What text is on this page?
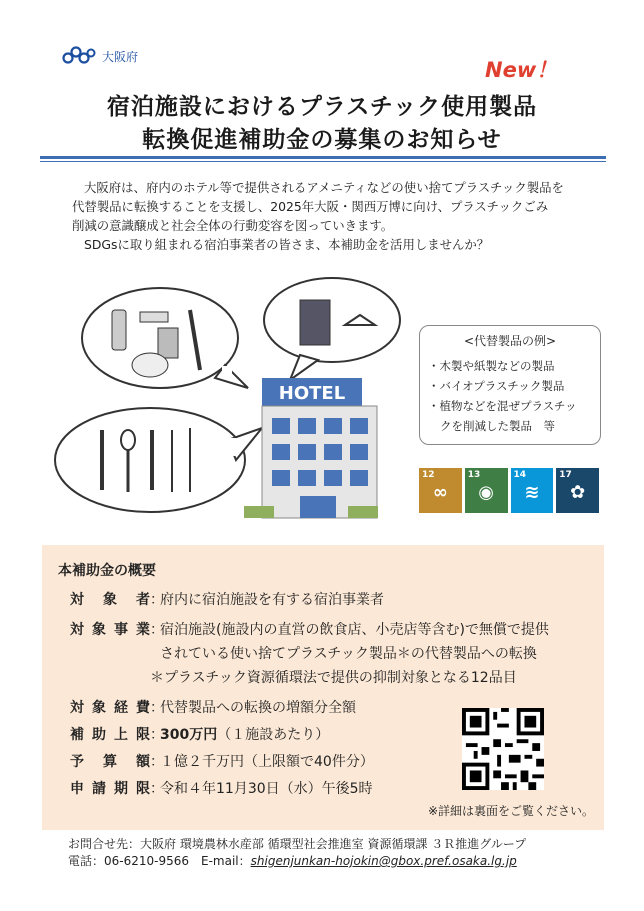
大阪府
New！
宿泊施設におけるプラスチック使用製品
転換促進補助金の募集のお知らせ

大阪府は、府内のホテル等で提供されるアメニティなどの使い捨てプラスチック製品を

代替製品に転換することを支援し、2025年大阪・関西万博に向け、プラスチックごみ

削減の意識醸成と社会全体の行動変容を図っていきます。

SDGsに取り組まれる宿泊事業者の皆さま、本補助金を活用しませんか？

HOTEL
<代替製品の例>
・木製や紙製などの製品
・バイオプラスチック製品
・植物などを混ぜプラスチッ
クを削減した製品　等
12
∞
13
◉
14
≋
17
✿
本補助金の概要
対 象 者 ：
府内に宿泊施設を有する宿泊事業者
対象事業 ：
宿泊施設(施設内の直営の飲食店、小売店等含む)で無償で提供
されている使い捨てプラスチック製品＊の代替製品への転換
＊プラスチック資源循環法で提供の抑制対象となる12品目
対象経費 ：
代替製品への転換の増額分全額
補助上限 ：
300万円（１施設あたり）
予 算 額 ：
１億２千万円（上限額で40件分）
申請期限 ：
令和４年11月30日（水）午後5時
※詳細は裏面をご覧ください。
お問合せ先：大阪府 環境農林水産部 循環型社会推進室 資源循環課 ３Ｒ推進グループ
電話：06-6210-9566　E-mail：shigenjunkan-hojokin@gbox.pref.osaka.lg.jp
